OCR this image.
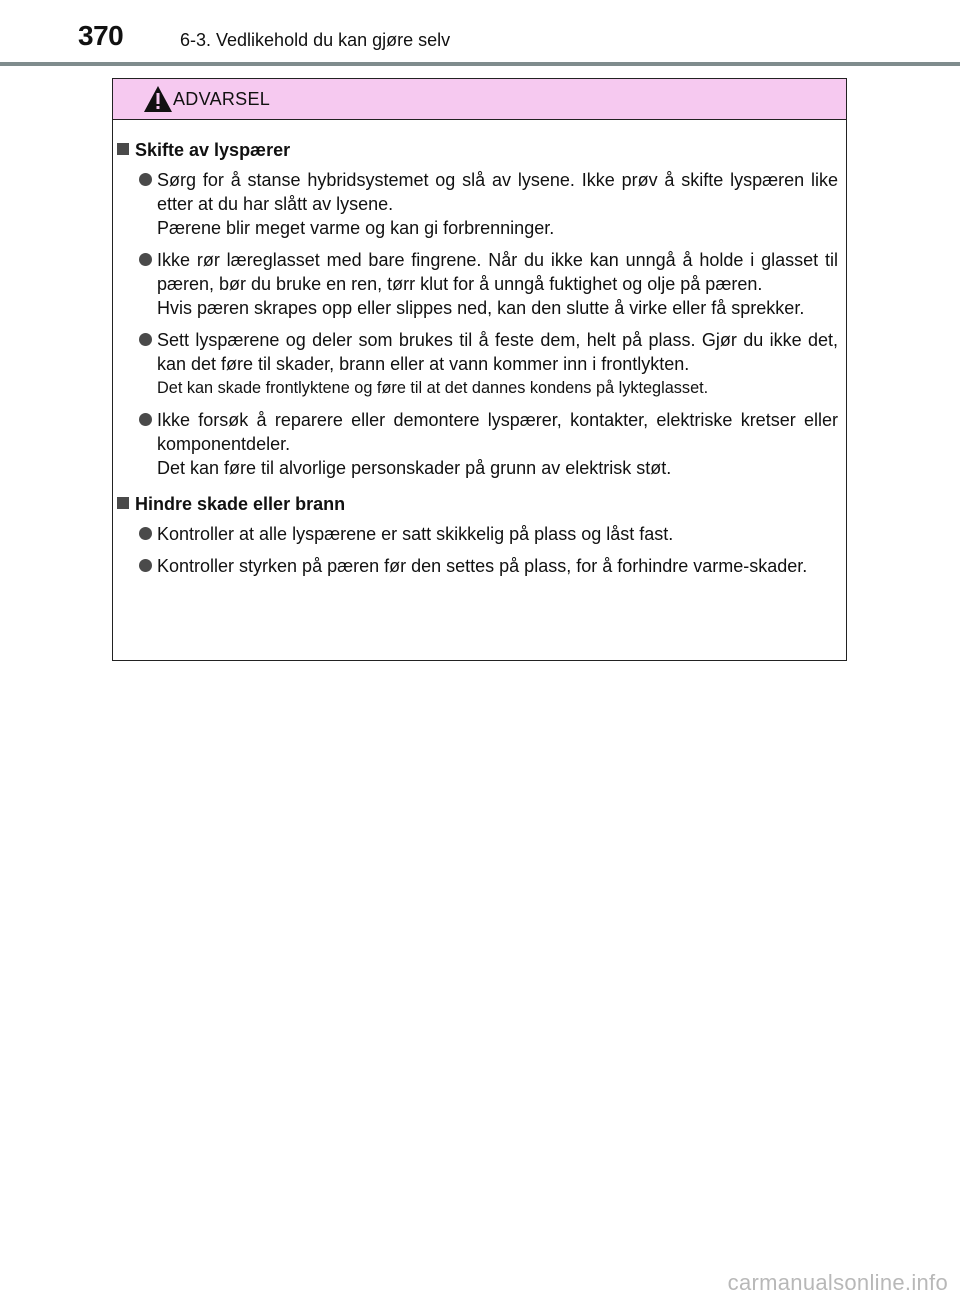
370	6-3. Vedlikehold du kan gjøre selv
ADVARSEL
Skifte av lyspærer

Sørg for å stanse hybridsystemet og slå av lysene. Ikke prøv å skifte lyspæren like etter at du har slått av lysene.

Pærene blir meget varme og kan gi forbrenninger.

Ikke rør læreglasset med bare fingrene. Når du ikke kan unngå å holde i glasset til pæren, bør du bruke en ren, tørr klut for å unngå fuktighet og olje på pæren.

Hvis pæren skrapes opp eller slippes ned, kan den slutte å virke eller få sprekker.

Sett lyspærene og deler som brukes til å feste dem, helt på plass. Gjør du ikke det, kan det føre til skader, brann eller at vann kommer inn i frontlykten.

Det kan skade frontlyktene og føre til at det dannes kondens på lykteglasset.

Ikke forsøk å reparere eller demontere lyspærer, kontakter, elektriske kretser eller komponentdeler.

Det kan føre til alvorlige personskader på grunn av elektrisk støt.

Hindre skade eller brann

Kontroller at alle lyspærene er satt skikkelig på plass og låst fast.

Kontroller styrken på pæren før den settes på plass, for å forhindre varme-skader.

carmanualsonline.info
